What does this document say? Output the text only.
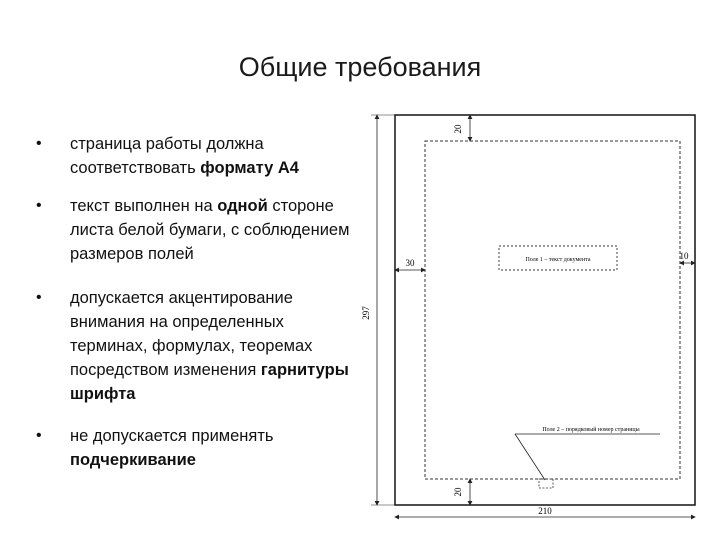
Общие требования
•	страница работы должна соответствовать формату А4
•	текст выполнен на одной стороне листа белой бумаги, с соблюдением размеров полей
•	допускается акцентирование внимания на определенных терминах, формулах, теоремах посредством изменения гарнитуры шрифта
•	не допускается применять подчеркивание
20
30
10
20
297
210
Поле 1 – текст документа
Поле 2 – порядковый номер страницы
